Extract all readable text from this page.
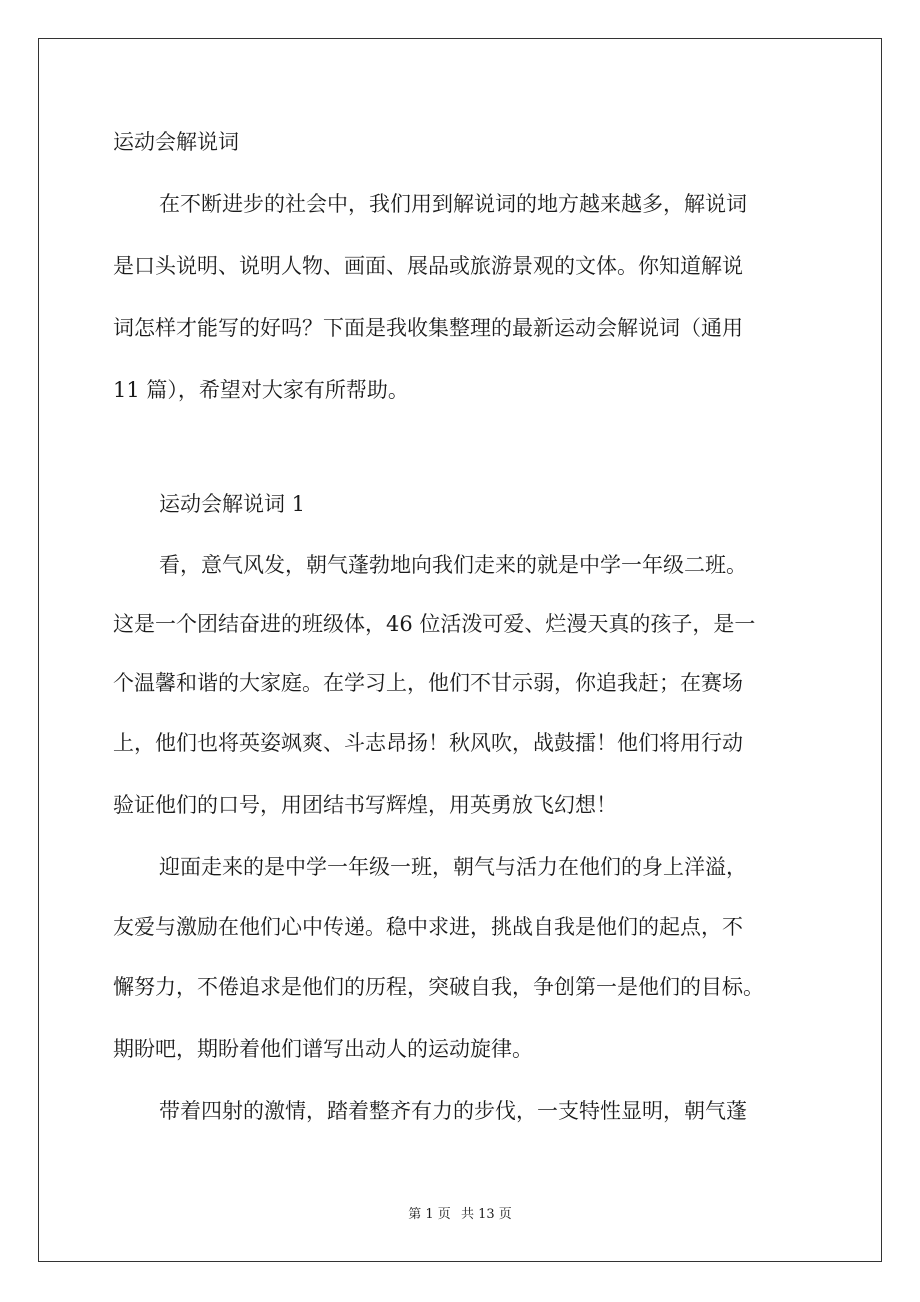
运动会解说词
在不断进步的社会中，我们用到解说词的地方越来越多，解说词
是口头说明、说明人物、画面、展品或旅游景观的文体。你知道解说
词怎样才能写的好吗？下面是我收集整理的最新运动会解说词（通用
11 篇），希望对大家有所帮助。
运动会解说词 1
看，意气风发，朝气蓬勃地向我们走来的就是中学一年级二班。
这是一个团结奋进的班级体，46 位活泼可爱、烂漫天真的孩子，是一
个温馨和谐的大家庭。在学习上，他们不甘示弱，你追我赶；在赛场
上，他们也将英姿飒爽、斗志昂扬！秋风吹，战鼓擂！他们将用行动
验证他们的口号，用团结书写辉煌，用英勇放飞幻想！
迎面走来的是中学一年级一班，朝气与活力在他们的身上洋溢，
友爱与激励在他们心中传递。稳中求进，挑战自我是他们的起点，不
懈努力，不倦追求是他们的历程，突破自我，争创第一是他们的目标。
期盼吧，期盼着他们谱写出动人的运动旋律。
带着四射的激情，踏着整齐有力的步伐，一支特性显明，朝气蓬
第 1 页 共 13 页
